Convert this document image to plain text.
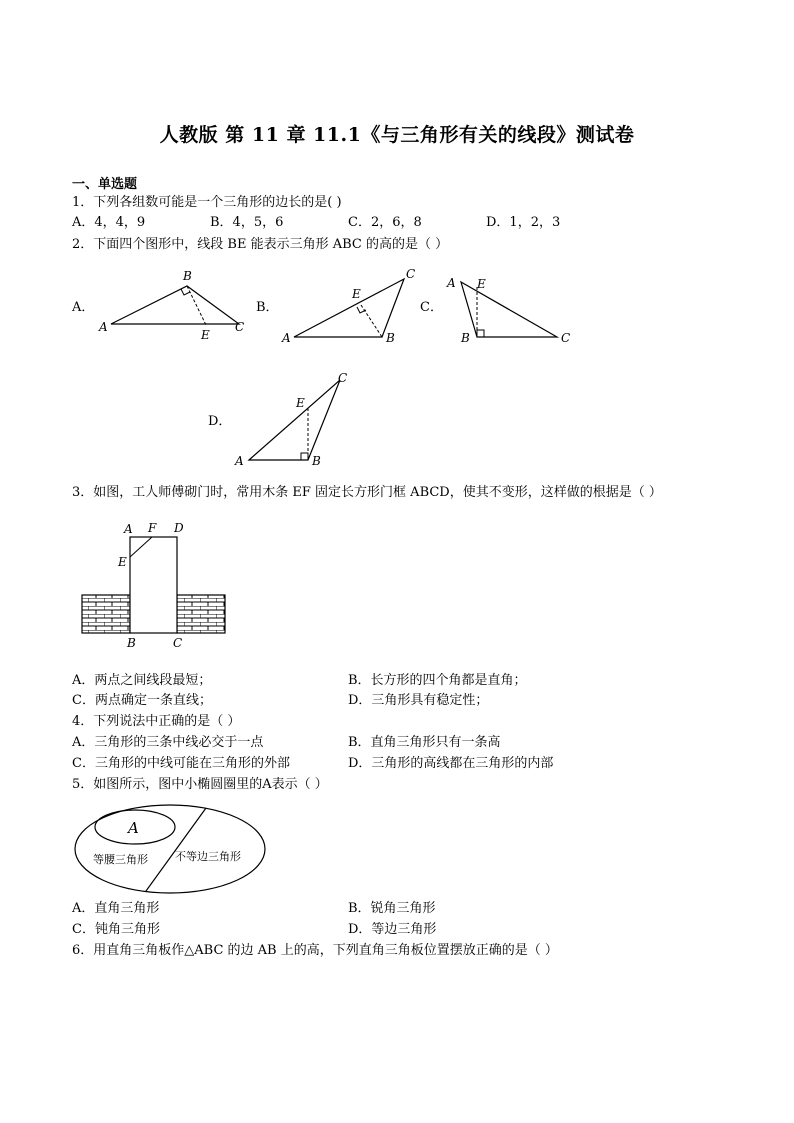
人教版 第 11 章 11.1《与三角形有关的线段》测试卷
一、单选题
1．下列各组数可能是一个三角形的边长的是( )
A．4，4，9	B．4，5，6	C．2，6，8	D．1，2，3
2．下面四个图形中，线段 BE 能表示三角形 ABC 的高的是（ ）
A．	B．	C．
D．
B
A
E
C
C
E
A	B
A E
B	C
C
E
A	B
3．如图，工人师傅砌门时，常用木条 EF 固定长方形门框 ABCD，使其不变形，这样做的根据是（ ）
A F D
E
B	C
A．两点之间线段最短；	B．长方形的四个角都是直角；
C．两点确定一条直线；	D．三角形具有稳定性；
4．下列说法中正确的是（ ）
A．三角形的三条中线必交于一点	B．直角三角形只有一条高
C．三角形的中线可能在三角形的外部	D．三角形的高线都在三角形的内部
5．如图所示，图中小椭圆圈里的A表示（ ）
A
等腰三角形 不等边三角形
A．直角三角形	B．锐角三角形
C．钝角三角形	D．等边三角形
6．用直角三角板作△ABC 的边 AB 上的高，下列直角三角板位置摆放正确的是（ ）
